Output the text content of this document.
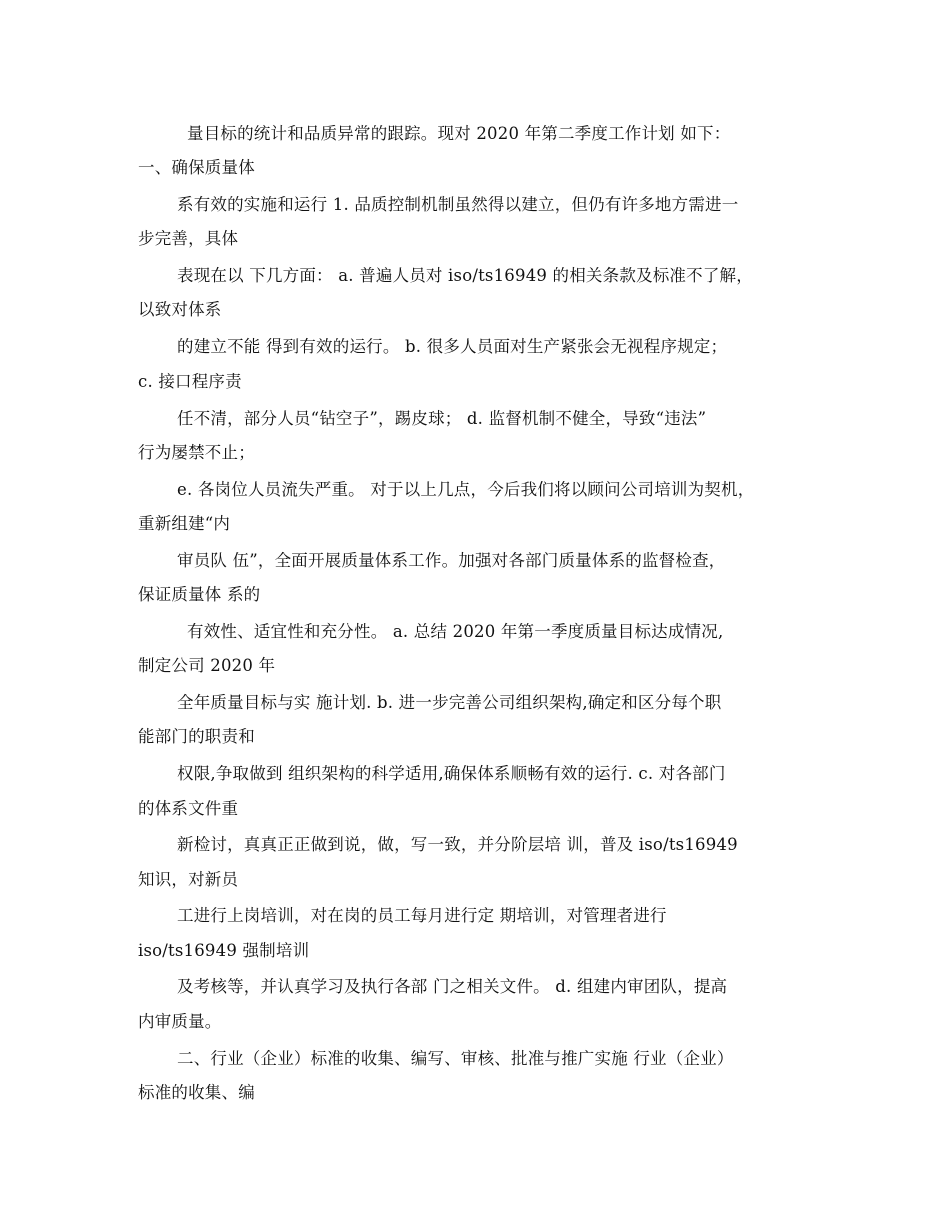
量目标的统计和品质异常的跟踪。现对 2020 年第二季度工作计划 如下：
一、确保质量体
系有效的实施和运行 1. 品质控制机制虽然得以建立，但仍有许多地方需进一
步完善，具体
表现在以 下几方面： a. 普遍人员对 iso/ts16949 的相关条款及标准不了解，
以致对体系
的建立不能 得到有效的运行。 b. 很多人员面对生产紧张会无视程序规定；
c. 接口程序责
任不清，部分人员“钻空子”，踢皮球； d. 监督机制不健全，导致“违法”
行为屡禁不止；
e. 各岗位人员流失严重。 对于以上几点，今后我们将以顾问公司培训为契机，
重新组建“内
审员队 伍”，全面开展质量体系工作。加强对各部门质量体系的监督检查，
保证质量体 系的
有效性、适宜性和充分性。 a. 总结 2020 年第一季度质量目标达成情况,
制定公司 2020 年
全年质量目标与实 施计划. b. 进一步完善公司组织架构,确定和区分每个职
能部门的职责和
权限,争取做到 组织架构的科学适用,确保体系顺畅有效的运行. c. 对各部门
的体系文件重
新检讨，真真正正做到说，做，写一致，并分阶层培 训，普及 iso/ts16949
知识，对新员
工进行上岗培训，对在岗的员工每月进行定 期培训，对管理者进行
iso/ts16949 强制培训
及考核等，并认真学习及执行各部 门之相关文件。 d. 组建内审团队，提高
内审质量。
二、行业（企业）标准的收集、编写、审核、批准与推广实施 行业（企业）
标准的收集、编
